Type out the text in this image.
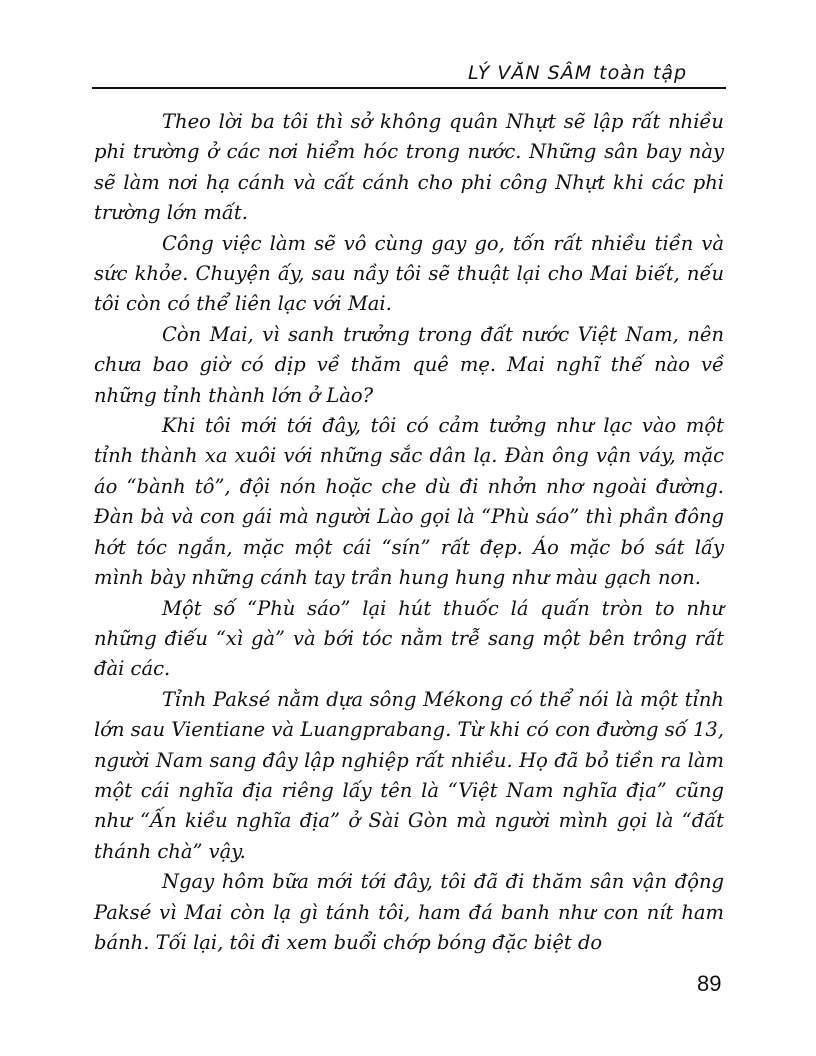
LÝ VĂN SÂM toàn tập

Theo lời ba tôi thì sở không quân Nhựt sẽ lập rất nhiều phi trường ở các nơi hiểm hóc trong nước. Những sân bay này sẽ làm nơi hạ cánh và cất cánh cho phi công Nhựt khi các phi trường lớn mất.

Công việc làm sẽ vô cùng gay go, tốn rất nhiều tiền và sức khỏe. Chuyện ấy, sau nầy tôi sẽ thuật lại cho Mai biết, nếu tôi còn có thể liên lạc với Mai.

Còn Mai, vì sanh trưởng trong đất nước Việt Nam, nên chưa bao giờ có dịp về thăm quê mẹ. Mai nghĩ thế nào về những tỉnh thành lớn ở Lào?

Khi tôi mới tới đây, tôi có cảm tưởng như lạc vào một tỉnh thành xa xuôi với những sắc dân lạ. Đàn ông vận váy, mặc áo “bành tô”, đội nón hoặc che dù đi nhởn nhơ ngoài đường. Đàn bà và con gái mà người Lào gọi là “Phù sáo” thì phần đông hớt tóc ngắn, mặc một cái “sín” rất đẹp. Áo mặc bó sát lấy mình bày những cánh tay trần hung hung như màu gạch non.

Một số “Phù sáo” lại hút thuốc lá quấn tròn to như những điếu “xì gà” và bới tóc nằm trễ sang một bên trông rất đài các.

Tỉnh Paksé nằm dựa sông Mékong có thể nói là một tỉnh lớn sau Vientiane và Luangprabang. Từ khi có con đường số 13, người Nam sang đây lập nghiệp rất nhiều. Họ đã bỏ tiền ra làm một cái nghĩa địa riêng lấy tên là “Việt Nam nghĩa địa” cũng như “Ấn kiều nghĩa địa” ở Sài Gòn mà người mình gọi là “đất thánh chà” vậy.

Ngay hôm bữa mới tới đây, tôi đã đi thăm sân vận động Paksé vì Mai còn lạ gì tánh tôi, ham đá banh như con nít ham bánh. Tối lại, tôi đi xem buổi chớp bóng đặc biệt do

89
